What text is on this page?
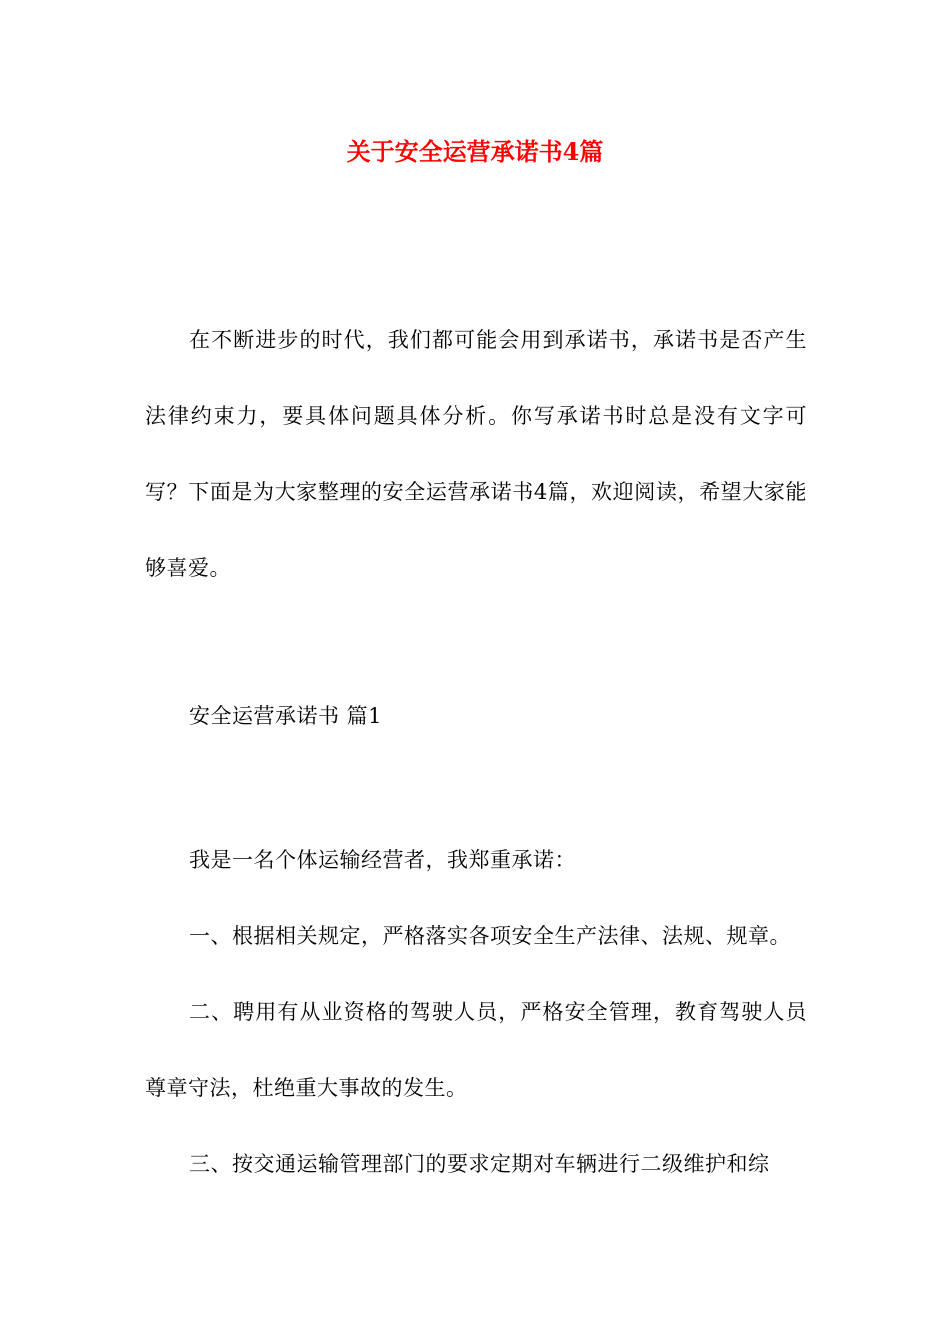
关于安全运营承诺书4篇

在不断进步的时代，我们都可能会用到承诺书，承诺书是否产生法律约束力，要具体问题具体分析。你写承诺书时总是没有文字可写？下面是为大家整理的安全运营承诺书4篇，欢迎阅读，希望大家能够喜爱。

安全运营承诺书 篇1

我是一名个体运输经营者，我郑重承诺：

一、根据相关规定，严格落实各项安全生产法律、法规、规章。

二、聘用有从业资格的驾驶人员，严格安全管理，教育驾驶人员尊章守法，杜绝重大事故的发生。

三、按交通运输管理部门的要求定期对车辆进行二级维护和综
